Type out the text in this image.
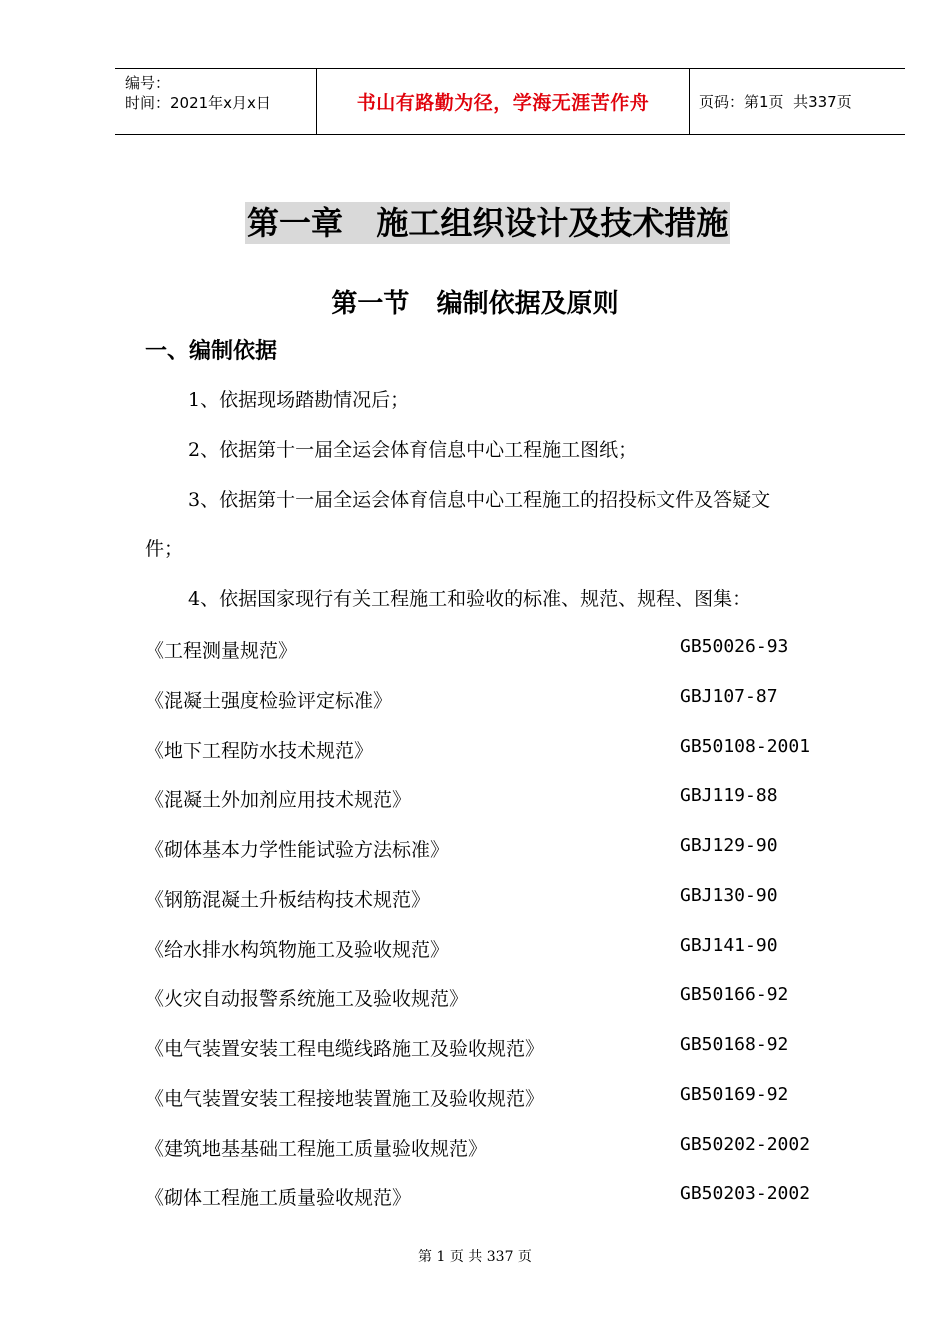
编号：
时间：2021年x月x日	书山有路勤为径，学海无涯苦作舟	页码：第1页  共337页
第一章   施工组织设计及技术措施
第一节   编制依据及原则
一、编制依据
1、依据现场踏勘情况后；
2、依据第十一届全运会体育信息中心工程施工图纸；
3、依据第十一届全运会体育信息中心工程施工的招投标文件及答疑文
件；
4、依据国家现行有关工程施工和验收的标准、规范、规程、图集：
《工程测量规范》	GB50026-93
《混凝土强度检验评定标准》	GBJ107-87
《地下工程防水技术规范》	GB50108-2001
《混凝土外加剂应用技术规范》	GBJ119-88
《砌体基本力学性能试验方法标准》	GBJ129-90
《钢筋混凝土升板结构技术规范》	GBJ130-90
《给水排水构筑物施工及验收规范》	GBJ141-90
《火灾自动报警系统施工及验收规范》	GB50166-92
《电气装置安装工程电缆线路施工及验收规范》	GB50168-92
《电气装置安装工程接地装置施工及验收规范》	GB50169-92
《建筑地基基础工程施工质量验收规范》	GB50202-2002
《砌体工程施工质量验收规范》	GB50203-2002
第 1 页 共 337 页
